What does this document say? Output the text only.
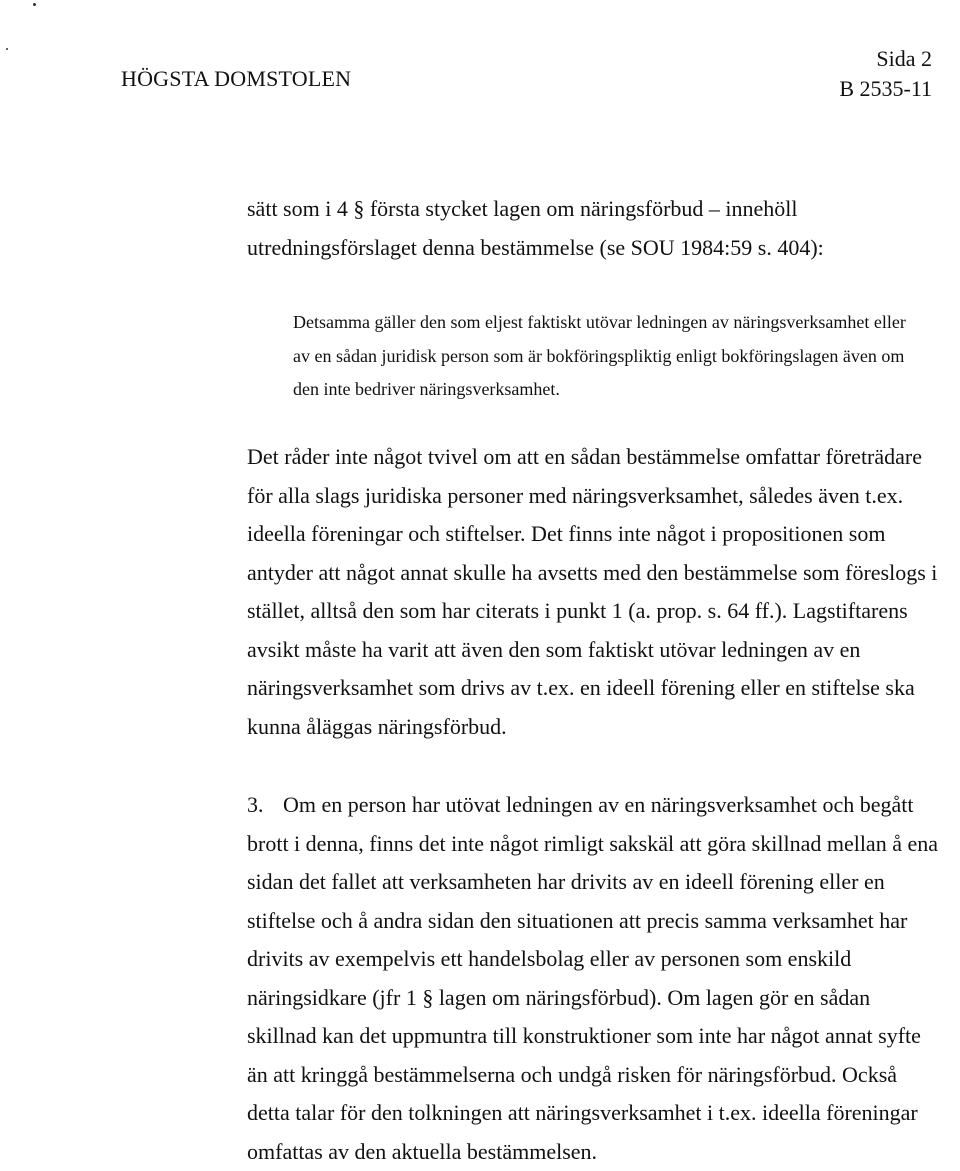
HÖGSTA DOMSTOLEN
Sida 2
B 2535-11
sätt som i 4 § första stycket lagen om näringsförbud – innehöll
utredningsförslaget denna bestämmelse (se SOU 1984:59 s. 404):
Detsamma gäller den som eljest faktiskt utövar ledningen av näringsverksamhet eller
av en sådan juridisk person som är bokföringspliktig enligt bokföringslagen även om
den inte bedriver näringsverksamhet.
Det råder inte något tvivel om att en sådan bestämmelse omfattar företrädare
för alla slags juridiska personer med näringsverksamhet, således även t.ex.
ideella föreningar och stiftelser. Det finns inte något i propositionen som
antyder att något annat skulle ha avsetts med den bestämmelse som föreslogs i
stället, alltså den som har citerats i punkt 1 (a. prop. s. 64 ff.). Lagstiftarens
avsikt måste ha varit att även den som faktiskt utövar ledningen av en
näringsverksamhet som drivs av t.ex. en ideell förening eller en stiftelse ska
kunna åläggas näringsförbud.
3. Om en person har utövat ledningen av en näringsverksamhet och begått
brott i denna, finns det inte något rimligt sakskäl att göra skillnad mellan å ena
sidan det fallet att verksamheten har drivits av en ideell förening eller en
stiftelse och å andra sidan den situationen att precis samma verksamhet har
drivits av exempelvis ett handelsbolag eller av personen som enskild
näringsidkare (jfr 1 § lagen om näringsförbud). Om lagen gör en sådan
skillnad kan det uppmuntra till konstruktioner som inte har något annat syfte
än att kringgå bestämmelserna och undgå risken för näringsförbud. Också
detta talar för den tolkningen att näringsverksamhet i t.ex. ideella föreningar
omfattas av den aktuella bestämmelsen.
